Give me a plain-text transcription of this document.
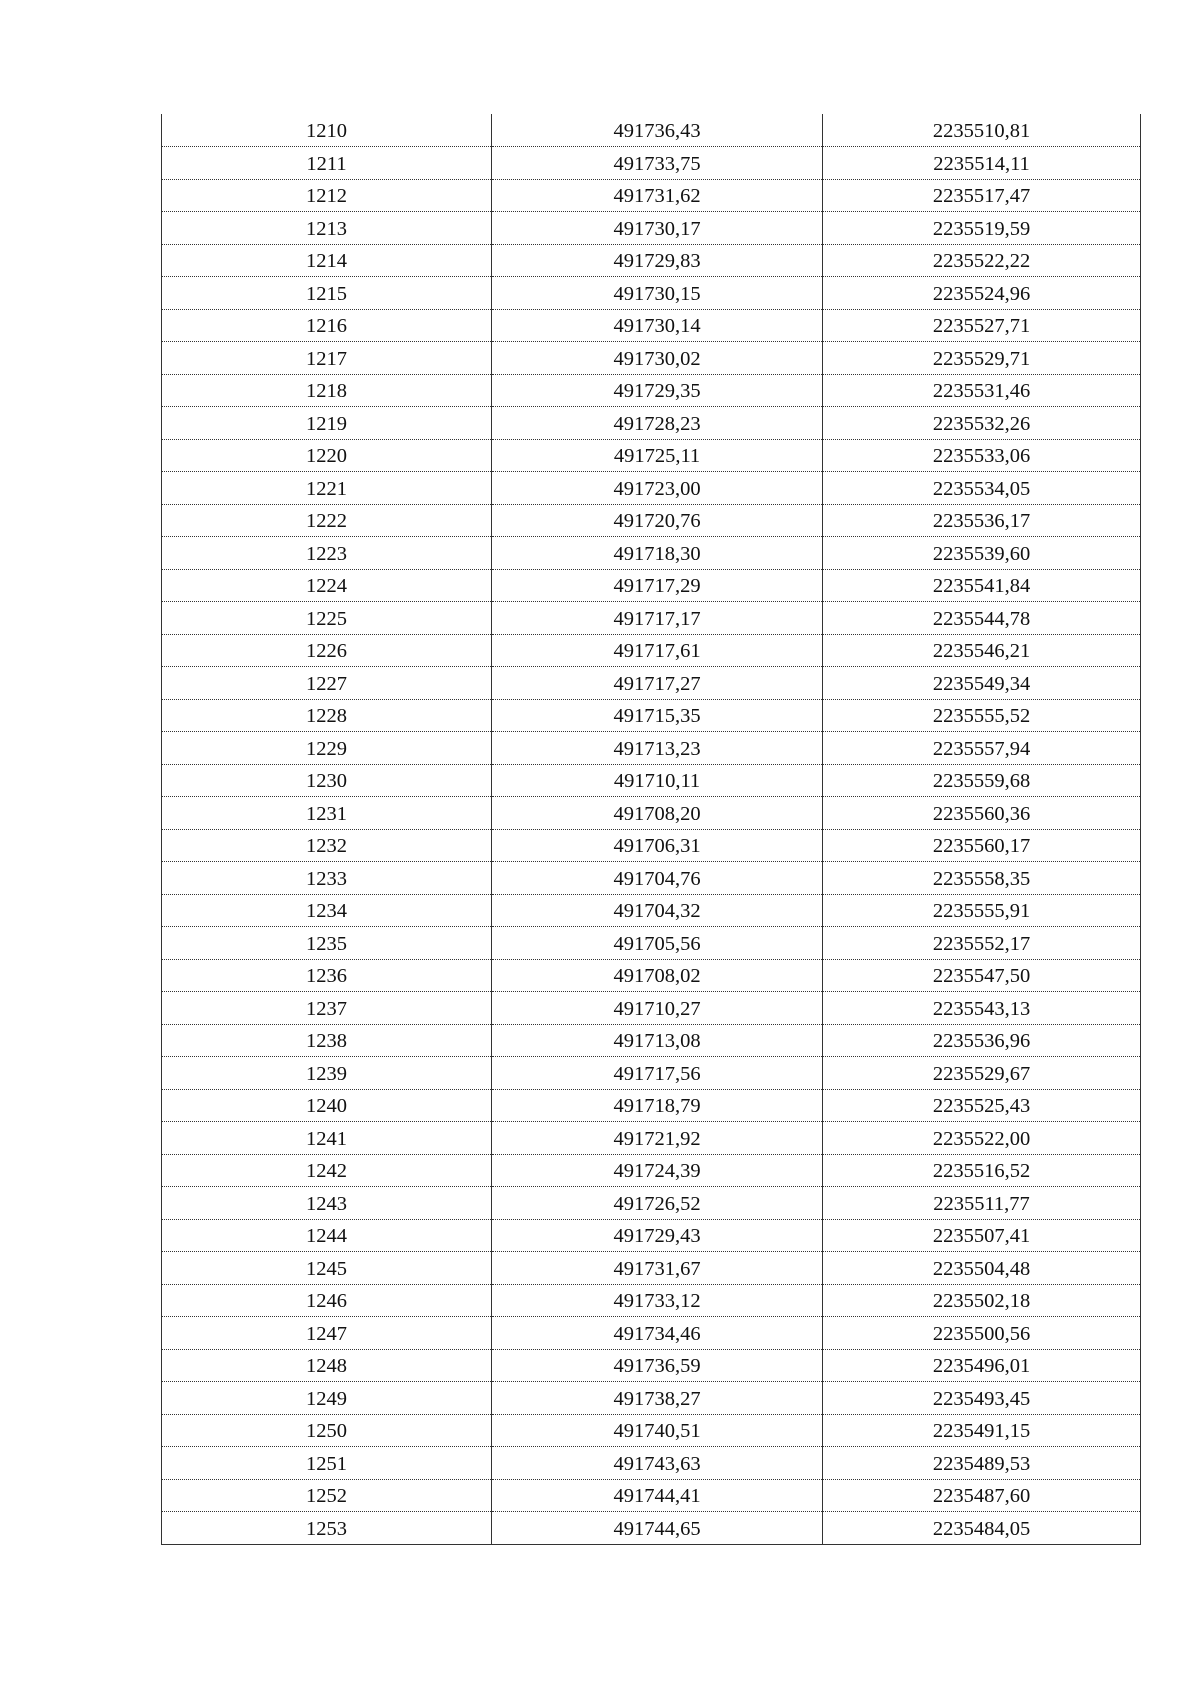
1210	491736,43	2235510,81
1211	491733,75	2235514,11
1212	491731,62	2235517,47
1213	491730,17	2235519,59
1214	491729,83	2235522,22
1215	491730,15	2235524,96
1216	491730,14	2235527,71
1217	491730,02	2235529,71
1218	491729,35	2235531,46
1219	491728,23	2235532,26
1220	491725,11	2235533,06
1221	491723,00	2235534,05
1222	491720,76	2235536,17
1223	491718,30	2235539,60
1224	491717,29	2235541,84
1225	491717,17	2235544,78
1226	491717,61	2235546,21
1227	491717,27	2235549,34
1228	491715,35	2235555,52
1229	491713,23	2235557,94
1230	491710,11	2235559,68
1231	491708,20	2235560,36
1232	491706,31	2235560,17
1233	491704,76	2235558,35
1234	491704,32	2235555,91
1235	491705,56	2235552,17
1236	491708,02	2235547,50
1237	491710,27	2235543,13
1238	491713,08	2235536,96
1239	491717,56	2235529,67
1240	491718,79	2235525,43
1241	491721,92	2235522,00
1242	491724,39	2235516,52
1243	491726,52	2235511,77
1244	491729,43	2235507,41
1245	491731,67	2235504,48
1246	491733,12	2235502,18
1247	491734,46	2235500,56
1248	491736,59	2235496,01
1249	491738,27	2235493,45
1250	491740,51	2235491,15
1251	491743,63	2235489,53
1252	491744,41	2235487,60
1253	491744,65	2235484,05
